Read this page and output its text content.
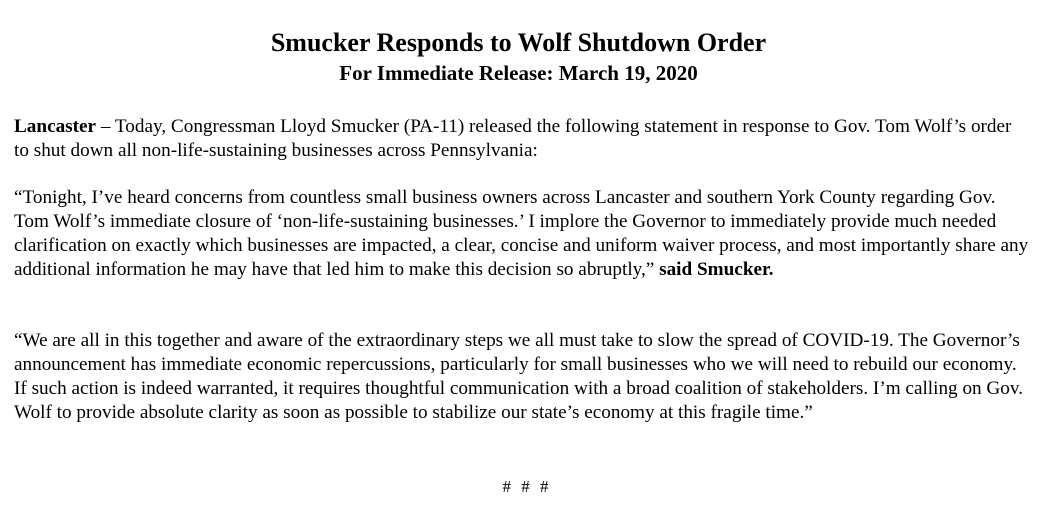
Smucker Responds to Wolf Shutdown Order
For Immediate Release: March 19, 2020

Lancaster – Today, Congressman Lloyd Smucker (PA-11) released the following statement in response to Gov. Tom Wolf’s order to shut down all non-life-sustaining businesses across Pennsylvania:

“Tonight, I’ve heard concerns from countless small business owners across Lancaster and southern York County regarding Gov. Tom Wolf’s immediate closure of ‘non-life-sustaining businesses.’ I implore the Governor to immediately provide much needed clarification on exactly which businesses are impacted, a clear, concise and uniform waiver process, and most importantly share any additional information he may have that led him to make this decision so abruptly,” said Smucker.

“We are all in this together and aware of the extraordinary steps we all must take to slow the spread of COVID-19. The Governor’s announcement has immediate economic repercussions, particularly for small businesses who we will need to rebuild our economy. If such action is indeed warranted, it requires thoughtful communication with a broad coalition of stakeholders. I’m calling on Gov. Wolf to provide absolute clarity as soon as possible to stabilize our state’s economy at this fragile time.”

# # #
